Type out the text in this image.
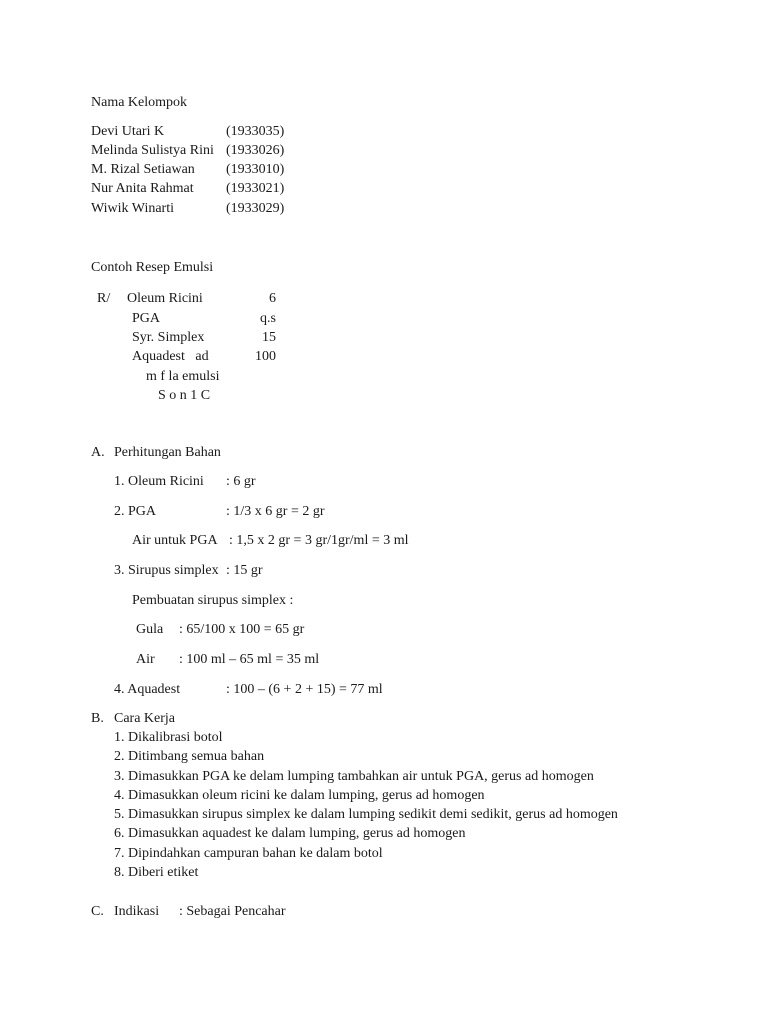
Nama Kelompok
Devi Utari K	(1933035)
Melinda Sulistya Rini (1933026)
M. Rizal Setiawan (1933010)
Nur Anita Rahmat (1933021)
Wiwik Winarti	(1933029)
Contoh Resep Emulsi
R/ Oleum Ricini	6
PGA	q.s
Syr. Simplex	15
Aquadest   ad	100
m f la emulsi
S o n 1 C
A. Perhitungan Bahan
1. Oleum Ricini : 6 gr
2. PGA	: 1/3 x 6 gr = 2 gr
Air untuk PGA : 1,5 x 2 gr = 3 gr/1gr/ml = 3 ml
3. Sirupus simplex : 15 gr
Pembuatan sirupus simplex :
Gula : 65/100 x 100 = 65 gr
Air : 100 ml – 65 ml = 35 ml
4. Aquadest	: 100 – (6 + 2 + 15) = 77 ml
B. Cara Kerja
1. Dikalibrasi botol
2. Ditimbang semua bahan
3. Dimasukkan PGA ke delam lumping tambahkan air untuk PGA, gerus ad homogen
4. Dimasukkan oleum ricini ke dalam lumping, gerus ad homogen
5. Dimasukkan sirupus simplex ke dalam lumping sedikit demi sedikit, gerus ad homogen
6. Dimasukkan aquadest ke dalam lumping, gerus ad homogen
7. Dipindahkan campuran bahan ke dalam botol
8. Diberi etiket
C. Indikasi : Sebagai Pencahar
